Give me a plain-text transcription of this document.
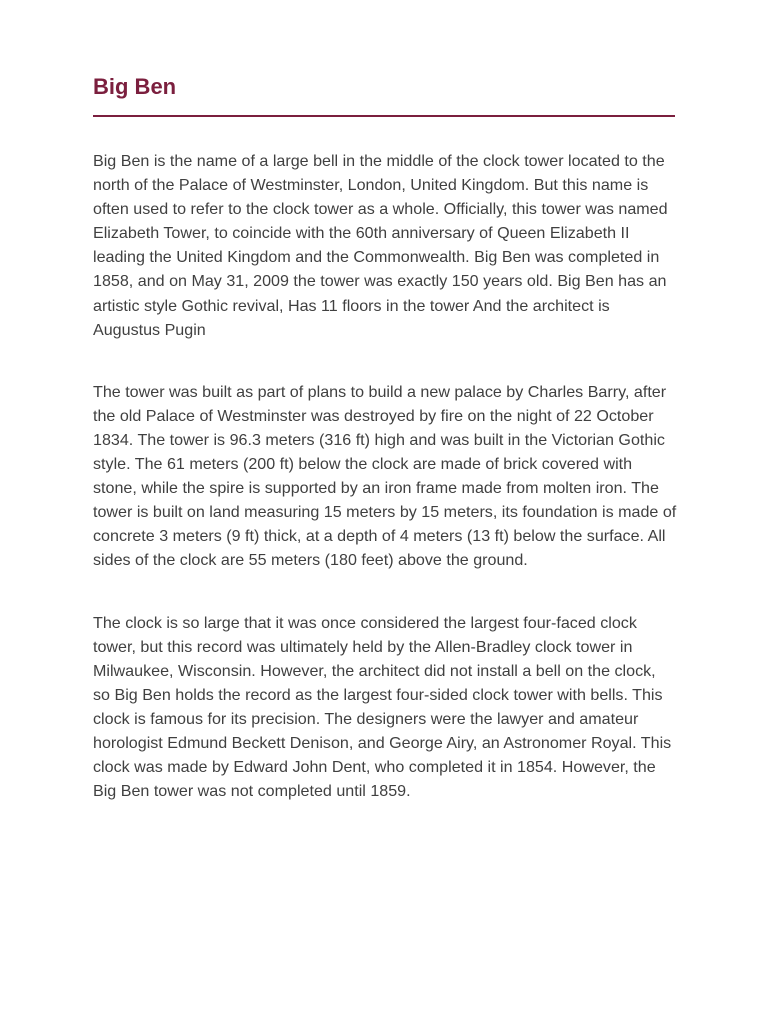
Big Ben

Big Ben is the name of a large bell in the middle of the clock tower located to the north of the Palace of Westminster, London, United Kingdom. But this name is often used to refer to the clock tower as a whole. Officially, this tower was named Elizabeth Tower, to coincide with the 60th anniversary of Queen Elizabeth II leading the United Kingdom and the Commonwealth. Big Ben was completed in 1858, and on May 31, 2009 the tower was exactly 150 years old. Big Ben has an artistic style Gothic revival, Has 11 floors in the tower And the architect is Augustus Pugin

The tower was built as part of plans to build a new palace by Charles Barry, after the old Palace of Westminster was destroyed by fire on the night of 22 October 1834. The tower is 96.3 meters (316 ft) high and was built in the Victorian Gothic style. The 61 meters (200 ft) below the clock are made of brick covered with stone, while the spire is supported by an iron frame made from molten iron. The tower is built on land measuring 15 meters by 15 meters, its foundation is made of concrete 3 meters (9 ft) thick, at a depth of 4 meters (13 ft) below the surface. All sides of the clock are 55 meters (180 feet) above the ground.

The clock is so large that it was once considered the largest four-faced clock tower, but this record was ultimately held by the Allen-Bradley clock tower in Milwaukee, Wisconsin. However, the architect did not install a bell on the clock, so Big Ben holds the record as the largest four-sided clock tower with bells. This clock is famous for its precision. The designers were the lawyer and amateur horologist Edmund Beckett Denison, and George Airy, an Astronomer Royal. This clock was made by Edward John Dent, who completed it in 1854. However, the Big Ben tower was not completed until 1859.
